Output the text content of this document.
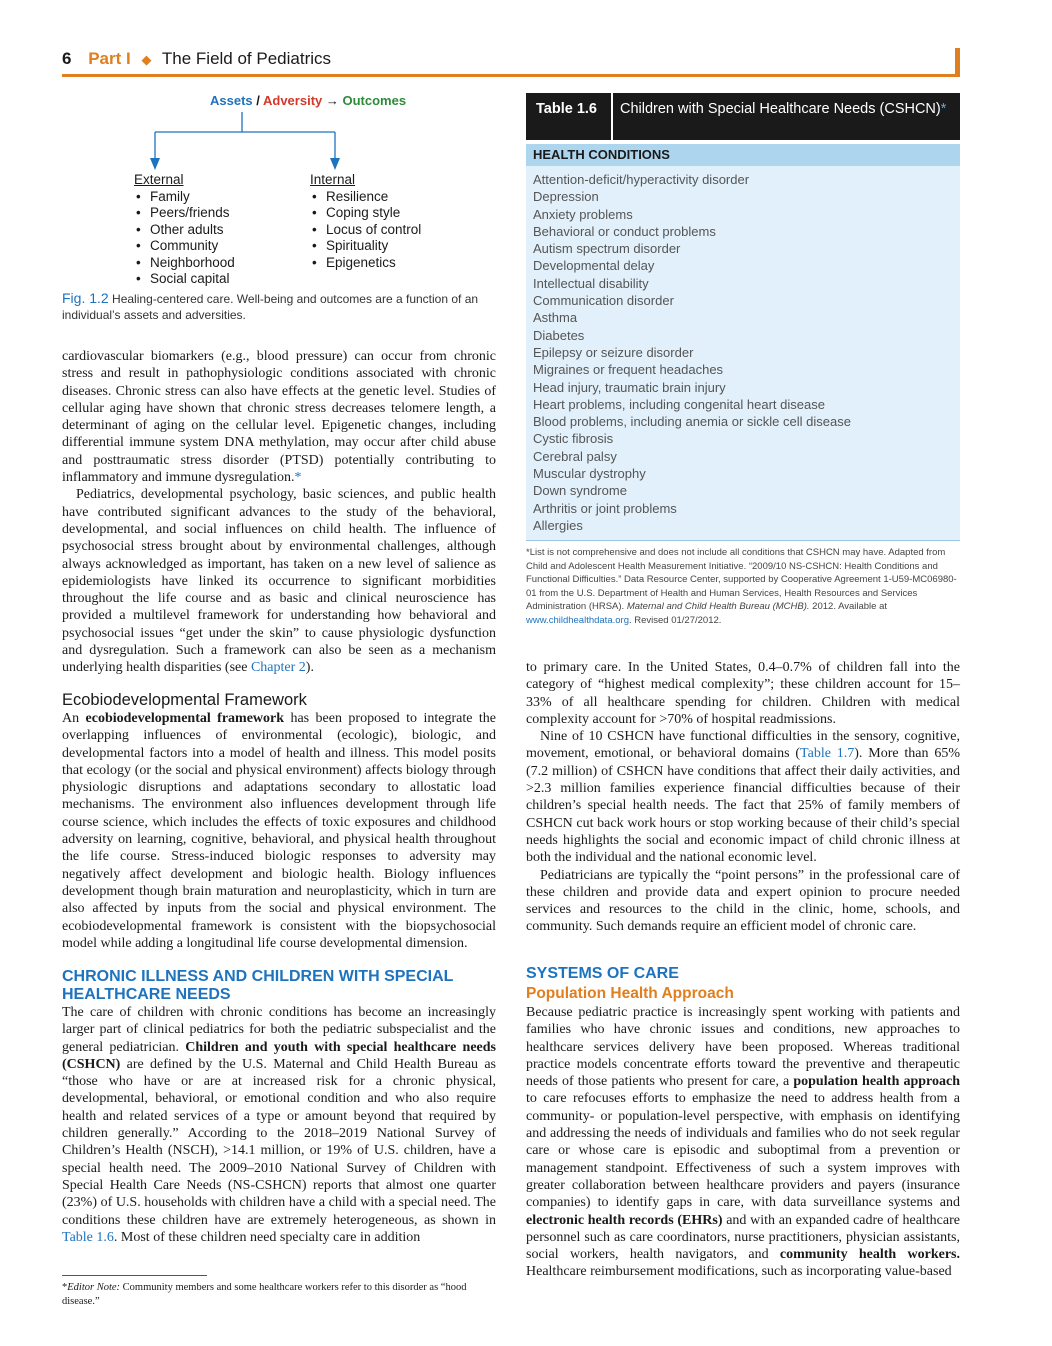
6 Part I ◆ The Field of Pediatrics
Assets / Adversity → Outcomes
External
• Family
• Peers/friends
• Other adults
• Community
• Neighborhood
• Social capital
Internal
• Resilience
• Coping style
• Locus of control
• Spirituality
• Epigenetics
Fig. 1.2 Healing-centered care. Well-being and outcomes are a function of an individual’s assets and adversities.

cardiovascular biomarkers (e.g., blood pressure) can occur from chronic stress and result in pathophysiologic conditions associated with chronic diseases. Chronic stress can also have effects at the genetic level. Studies of cellular aging have shown that chronic stress decreases telomere length, a determinant of aging on the cellular level. Epigenetic changes, including differential immune system DNA methylation, may occur after child abuse and posttraumatic stress disorder (PTSD) potentially contributing to inflammatory and immune dysregulation.*

Pediatrics, developmental psychology, basic sciences, and public health have contributed significant advances to the study of the behavioral, developmental, and social influences on child health. The influence of psychosocial stress brought about by environmental challenges, although always acknowledged as important, has taken on a new level of salience as epidemiologists have linked its occurrence to significant morbidities throughout the life course and as basic and clinical neuroscience has provided a multilevel framework for understanding how behavioral and psychosocial issues “get under the skin” to cause physiologic dysfunction and dysregulation. Such a framework can also be seen as a mechanism underlying health disparities (see Chapter 2).

Ecobiodevelopmental Framework

An ecobiodevelopmental framework has been proposed to integrate the overlapping influences of environmental (ecologic), biologic, and developmental factors into a model of health and illness. This model posits that ecology (or the social and physical environment) affects biology through physiologic disruptions and adaptations secondary to allostatic load mechanisms. The environment also influences development through life course science, which includes the effects of toxic exposures and childhood adversity on learning, cognitive, behavioral, and physical health throughout the life course. Stress-induced biologic responses to adversity may negatively affect development and biologic health. Biology influences development though brain maturation and neuroplasticity, which in turn are also affected by inputs from the social and physical environment. The ecobiodevelopmental framework is consistent with the biopsychosocial model while adding a longitudinal life course developmental dimension.

CHRONIC ILLNESS AND CHILDREN WITH SPECIAL HEALTHCARE NEEDS

The care of children with chronic conditions has become an increasingly larger part of clinical pediatrics for both the pediatric subspecialist and the general pediatrician. Children and youth with special healthcare needs (CSHCN) are defined by the U.S. Maternal and Child Health Bureau as “those who have or are at increased risk for a chronic physical, developmental, behavioral, or emotional condition and who also require health and related services of a type or amount beyond that required by children generally.” According to the 2018–2019 National Survey of Children’s Health (NSCH), >14.1 million, or 19% of U.S. children, have a special health need. The 2009–2010 National Survey of Children with Special Health Care Needs (NS-CSHCN) reports that almost one quarter (23%) of U.S. households with children have a child with a special need. The conditions these children have are extremely heterogeneous, as shown in Table 1.6. Most of these children need specialty care in addition

*Editor Note: Community members and some healthcare workers refer to this disorder as “hood disease.”
Table 1.6 Children with Special Healthcare Needs (CSHCN)*
HEALTH CONDITIONS
Attention-deficit/hyperactivity disorder
Depression
Anxiety problems
Behavioral or conduct problems
Autism spectrum disorder
Developmental delay
Intellectual disability
Communication disorder
Asthma
Diabetes
Epilepsy or seizure disorder
Migraines or frequent headaches
Head injury, traumatic brain injury
Heart problems, including congenital heart disease
Blood problems, including anemia or sickle cell disease
Cystic fibrosis
Cerebral palsy
Muscular dystrophy
Down syndrome
Arthritis or joint problems
Allergies
*List is not comprehensive and does not include all conditions that CSHCN may have. Adapted from Child and Adolescent Health Measurement Initiative. “2009/10 NS-CSHCN: Health Conditions and Functional Difficulties.” Data Resource Center, supported by Cooperative Agreement 1-U59-MC06980-01 from the U.S. Department of Health and Human Services, Health Resources and Services Administration (HRSA). Maternal and Child Health Bureau (MCHB). 2012. Available at www.childhealthdata.org. Revised 01/27/2012.

to primary care. In the United States, 0.4–0.7% of children fall into the category of “highest medical complexity”; these children account for 15–33% of all healthcare spending for children. Children with medical complexity account for >70% of hospital readmissions.

Nine of 10 CSHCN have functional difficulties in the sensory, cognitive, movement, emotional, or behavioral domains (Table 1.7). More than 65% (7.2 million) of CSHCN have conditions that affect their daily activities, and >2.3 million families experience financial difficulties because of their children’s special health needs. The fact that 25% of family members of CSHCN cut back work hours or stop working because of their child’s special needs highlights the social and economic impact of child chronic illness at both the individual and the national economic level.

Pediatricians are typically the “point persons” in the professional care of these children and provide data and expert opinion to procure needed services and resources to the child in the clinic, home, schools, and community. Such demands require an efficient model of chronic care.

SYSTEMS OF CARE
Population Health Approach

Because pediatric practice is increasingly spent working with patients and families who have chronic issues and conditions, new approaches to healthcare services delivery have been proposed. Whereas traditional practice models concentrate efforts toward the preventive and therapeutic needs of those patients who present for care, a population health approach to care refocuses efforts to emphasize the need to address health from a community- or population-level perspective, with emphasis on identifying and addressing the needs of individuals and families who do not seek regular care or whose care is episodic and suboptimal from a prevention or management standpoint. Effectiveness of such a system improves with greater collaboration between healthcare providers and payers (insurance companies) to identify gaps in care, with data surveillance systems and electronic health records (EHRs) and with an expanded cadre of healthcare personnel such as care coordinators, nurse practitioners, physician assistants, social workers, health navigators, and community health workers. Healthcare reimbursement modifications, such as incorporating value-based
